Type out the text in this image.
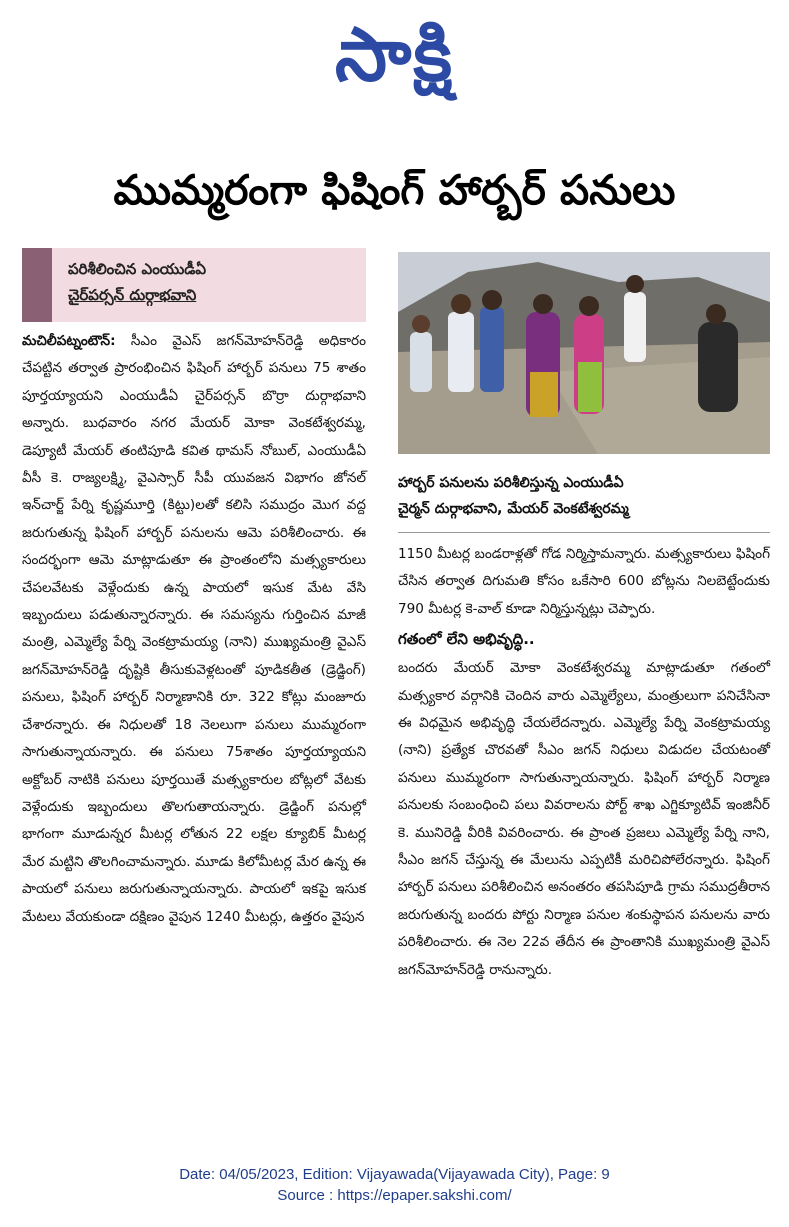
సాక్షి
ముమ్మరంగా ఫిషింగ్ హార్బర్ పనులు
పరిశీలించిన ఎంయుడీఏ
చైర్‌పర్సన్ దుర్గాభవాని

మచిలీపట్నంటౌన్: సీఎం వైఎస్ జగన్‌మోహన్‌రెడ్డి అధికారం చేపట్టిన తర్వాత ప్రారంభించిన ఫిషింగ్ హార్బర్ పనులు 75 శాతం పూర్తయ్యాయని ఎంయుడీఏ చైర్‌పర్సన్ బొర్రా దుర్గాభవాని అన్నారు. బుధవారం నగర మేయర్ మోకా వెంకటేశ్వరమ్మ, డెప్యూటీ మేయర్ తంటిపూడి కవిత థామస్ నోబుల్, ఎంయుడీఏ వీసీ కె. రాజ్యలక్ష్మి, వైఎస్సార్ సీపీ యువజన విభాగం జోనల్ ఇన్‌చార్జ్ పేర్ని కృష్ణమూర్తి (కిట్టు)లతో కలిసి సముద్రం మొగ వద్ద జరుగుతున్న ఫిషింగ్ హార్బర్ పనులను ఆమె పరిశీలించారు. ఈ సందర్భంగా ఆమె మాట్లాడుతూ ఈ ప్రాంతంలోని మత్స్యకారులు చేపలవేటకు వెళ్లేందుకు ఉన్న పాయలో ఇసుక మేట వేసి ఇబ్బందులు పడుతున్నారన్నారు. ఈ సమస్యను గుర్తించిన మాజీ మంత్రి, ఎమ్మెల్యే పేర్ని వెంకట్రామయ్య (నాని) ముఖ్యమంత్రి వైఎస్ జగన్‌మోహన్‌రెడ్డి దృష్టికి తీసుకువెళ్లటంతో పూడికతీత (డ్రెడ్జింగ్) పనులు, ఫిషింగ్ హార్బర్ నిర్మాణానికి రూ. 322 కోట్లు మంజూరు చేశారన్నారు. ఈ నిధులతో 18 నెలలుగా పనులు ముమ్మరంగా సాగుతున్నాయన్నారు. ఈ పనులు 75శాతం పూర్తయ్యాయని అక్టోబర్ నాటికి పనులు పూర్తయితే మత్స్యకారుల బోట్లలో వేటకు వెళ్లేందుకు ఇబ్బందులు తొలగుతాయన్నారు. డ్రెడ్జింగ్ పనుల్లో భాగంగా మూడున్నర మీటర్ల లోతున 22 లక్షల క్యూబిక్ మీటర్ల మేర మట్టిని తొలగించామన్నారు. మూడు కిలోమీటర్ల మేర ఉన్న ఈ పాయలో పనులు జరుగుతున్నాయన్నారు. పాయలో ఇకపై ఇసుక మేటలు వేయకుండా దక్షిణం వైపున 1240 మీటర్లు, ఉత్తరం వైపున

హార్బర్ పనులను పరిశీలిస్తున్న ఎంయుడీఏ
చైర్మన్ దుర్గాభవాని, మేయర్ వెంకటేశ్వరమ్మ

1150 మీటర్ల బండరాళ్లతో గోడ నిర్మిస్తామన్నారు. మత్స్యకారులు ఫిషింగ్ చేసిన తర్వాత దిగుమతి కోసం ఒకేసారి 600 బోట్లను నిలబెట్టేందుకు 790 మీటర్ల కె-వాల్ కూడా నిర్మిస్తున్నట్లు చెప్పారు.

గతంలో లేని అభివృద్ధి..

బందరు మేయర్ మోకా వెంకటేశ్వరమ్మ మాట్లాడుతూ గతంలో మత్స్యకార వర్గానికి చెందిన వారు ఎమ్మెల్యేలు, మంత్రులుగా పనిచేసినా ఈ విధమైన అభివృద్ధి చేయలేదన్నారు. ఎమ్మెల్యే పేర్ని వెంకట్రామయ్య (నాని) ప్రత్యేక చొరవతో సీఎం జగన్ నిధులు విడుదల చేయటంతో పనులు ముమ్మరంగా సాగుతున్నాయన్నారు. ఫిషింగ్ హార్బర్ నిర్మాణ పనులకు సంబంధించి పలు వివరాలను పోర్ట్ శాఖ ఎగ్జిక్యూటివ్ ఇంజినీర్ కె. మునిరెడ్డి వీరికి వివరించారు. ఈ ప్రాంత ప్రజలు ఎమ్మెల్యే పేర్ని నాని, సీఎం జగన్ చేస్తున్న ఈ మేలును ఎప్పటికీ మరిచిపోలేరన్నారు. ఫిషింగ్ హార్బర్ పనులు పరిశీలించిన అనంతరం తపసిపూడి గ్రామ సముద్రతీరాన జరుగుతున్న బందరు పోర్టు నిర్మాణ పనుల శంకుస్థాపన పనులను వారు పరిశీలించారు. ఈ నెల 22వ తేదీన ఈ ప్రాంతానికి ముఖ్యమంత్రి వైఎస్ జగన్‌మోహన్‌రెడ్డి రానున్నారు.

Date: 04/05/2023, Edition: Vijayawada(Vijayawada City), Page: 9
Source : https://epaper.sakshi.com/
